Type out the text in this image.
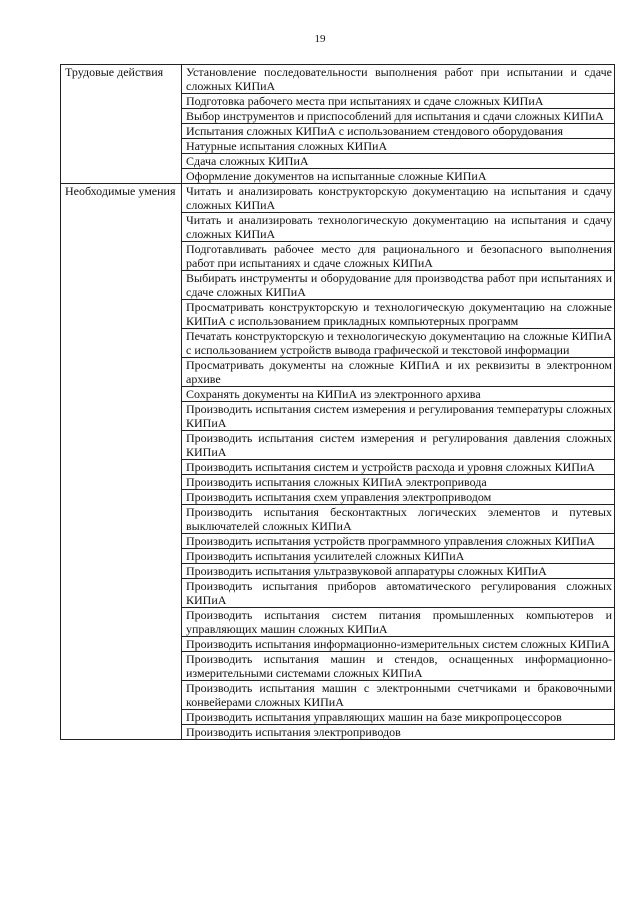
19
Трудовые действия	Установление последовательности выполнения работ при испытании и сдаче сложных КИПиА
	Подготовка рабочего места при испытаниях и сдаче сложных КИПиА
	Выбор инструментов и приспособлений для испытания и сдачи сложных КИПиА
	Испытания сложных КИПиА с использованием стендового оборудования
	Натурные испытания сложных КИПиА
	Сдача сложных КИПиА
	Оформление документов на испытанные сложные КИПиА
Необходимые умения	Читать и анализировать конструкторскую документацию на испытания и сдачу сложных КИПиА
	Читать и анализировать технологическую документацию на испытания и сдачу сложных КИПиА
	Подготавливать рабочее место для рационального и безопасного выполнения работ при испытаниях и сдаче сложных КИПиА
	Выбирать инструменты и оборудование для производства работ при испытаниях и сдаче сложных КИПиА
	Просматривать конструкторскую и технологическую документацию на сложные КИПиА с использованием прикладных компьютерных программ
	Печатать конструкторскую и технологическую документацию на сложные КИПиА с использованием устройств вывода графической и текстовой информации
	Просматривать документы на сложные КИПиА и их реквизиты в электронном архиве
	Сохранять документы на КИПиА из электронного архива
	Производить испытания систем измерения и регулирования температуры сложных КИПиА
	Производить испытания систем измерения и регулирования давления сложных КИПиА
	Производить испытания систем и устройств расхода и уровня сложных КИПиА
	Производить испытания сложных КИПиА электропривода
	Производить испытания схем управления электроприводом
	Производить испытания бесконтактных логических элементов и путевых выключателей сложных КИПиА
	Производить испытания устройств программного управления сложных КИПиА
	Производить испытания усилителей сложных КИПиА
	Производить испытания ультразвуковой аппаратуры сложных КИПиА
	Производить испытания приборов автоматического регулирования сложных КИПиА
	Производить испытания систем питания промышленных компьютеров и управляющих машин сложных КИПиА
	Производить испытания информационно-измерительных систем сложных КИПиА
	Производить испытания машин и стендов, оснащенных информационно-измерительными системами сложных КИПиА
	Производить испытания машин с электронными счетчиками и браковочными конвейерами сложных КИПиА
	Производить испытания управляющих машин на базе микропроцессоров
	Производить испытания электроприводов
